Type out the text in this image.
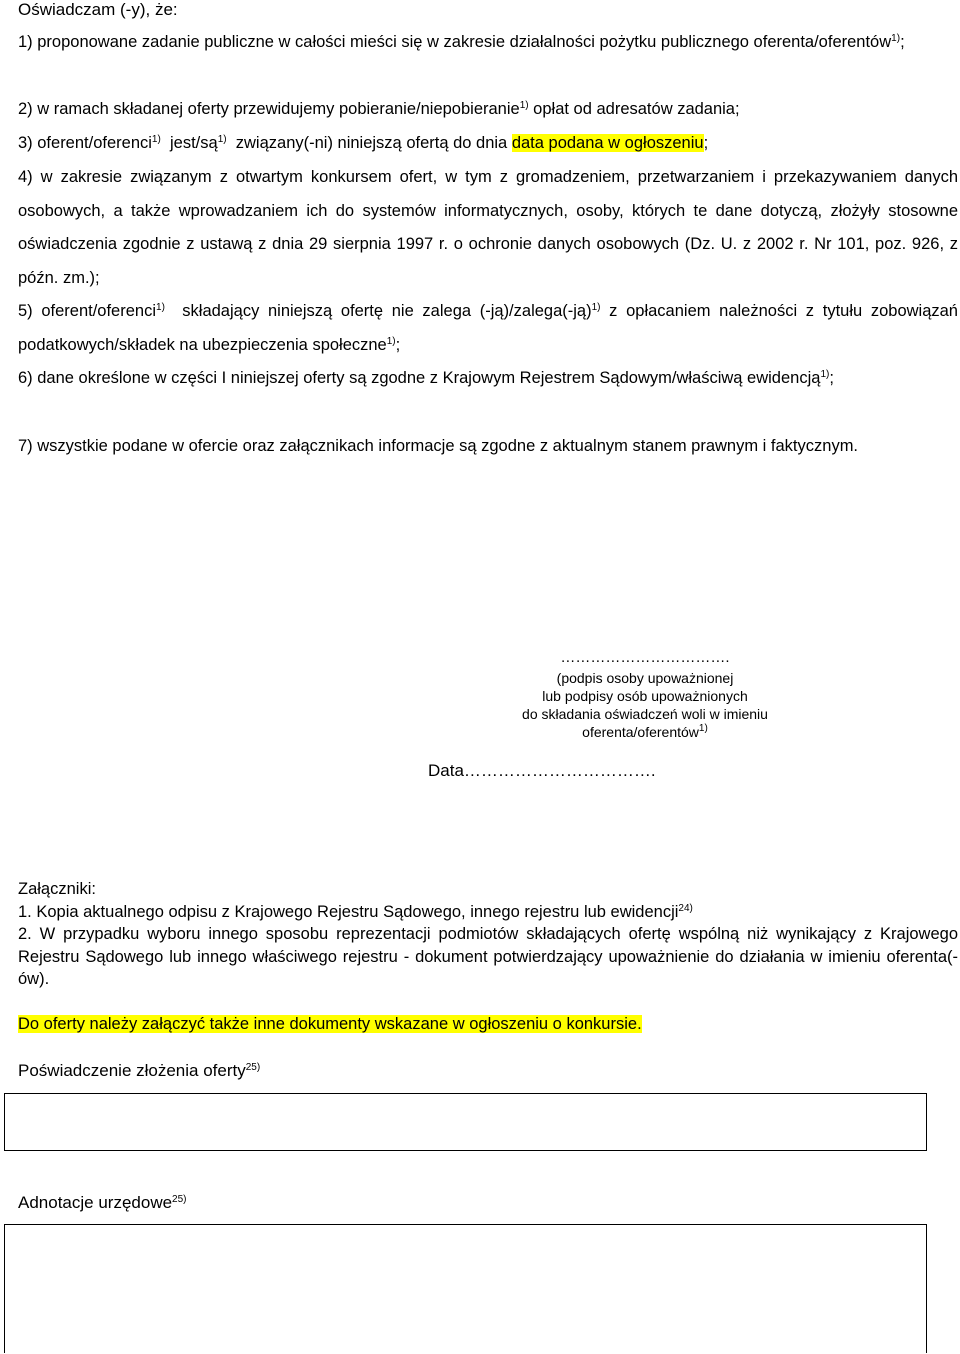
Oświadczam (-y), że:
1) proponowane zadanie publiczne w całości mieści się w zakresie działalności pożytku publicznego oferenta/oferentów$^{1)}$;
2) w ramach składanej oferty przewidujemy pobieranie/niepobieranie$^{1)}$ opłat od adresatów zadania;
3) oferent/oferenci$^{1)}$  jest/$są^{1)}$  związany(-ni) niniejszą ofertą do dnia data podana w ogłoszeniu;
4) w zakresie związanym z otwartym konkursem ofert, w tym z gromadzeniem, przetwarzaniem i przekazywaniem danych osobowych, a także wprowadzaniem ich do systemów informatycznych, osoby, których te dane dotyczą, złożyły stosowne oświadczenia zgodnie z ustawą z dnia 29 sierpnia 1997 r. o ochronie danych osobowych (Dz. U. z 2002 r. Nr 101, poz. 926, z późn. zm.);
5) oferent/oferenci$^{1)}$  składający niniejszą ofertę nie zalega (-ją)/zalega(-ją)$^{1)}$ z opłacaniem należności z tytułu zobowiązań podatkowych/składek na ubezpieczenia społeczne$^{1)}$;
6) dane określone w części I niniejszej oferty są zgodne z Krajowym Rejestrem Sądowym/właściwą ewidencją$^{1)}$;
7) wszystkie podane w ofercie oraz załącznikach informacje są zgodne z aktualnym stanem prawnym i faktycznym.
…………………………….
(podpis osoby upoważnionej
lub podpisy osób upoważnionych
do składania oświadczeń woli w imieniu
oferenta/oferentów$^{1)}$
Data…………………………….
Załączniki:
1. Kopia aktualnego odpisu z Krajowego Rejestru Sądowego, innego rejestru lub ewidencji$^{24)}$
2. W przypadku wyboru innego sposobu reprezentacji podmiotów składających ofertę wspólną niż wynikający z Krajowego Rejestru Sądowego lub innego właściwego rejestru - dokument potwierdzający upoważnienie do działania w imieniu oferenta(-ów).
Do oferty należy załączyć także inne dokumenty wskazane w ogłoszeniu o konkursie.
Poświadczenie złożenia oferty$^{25)}$
Adnotacje urzędowe$^{25)}$
